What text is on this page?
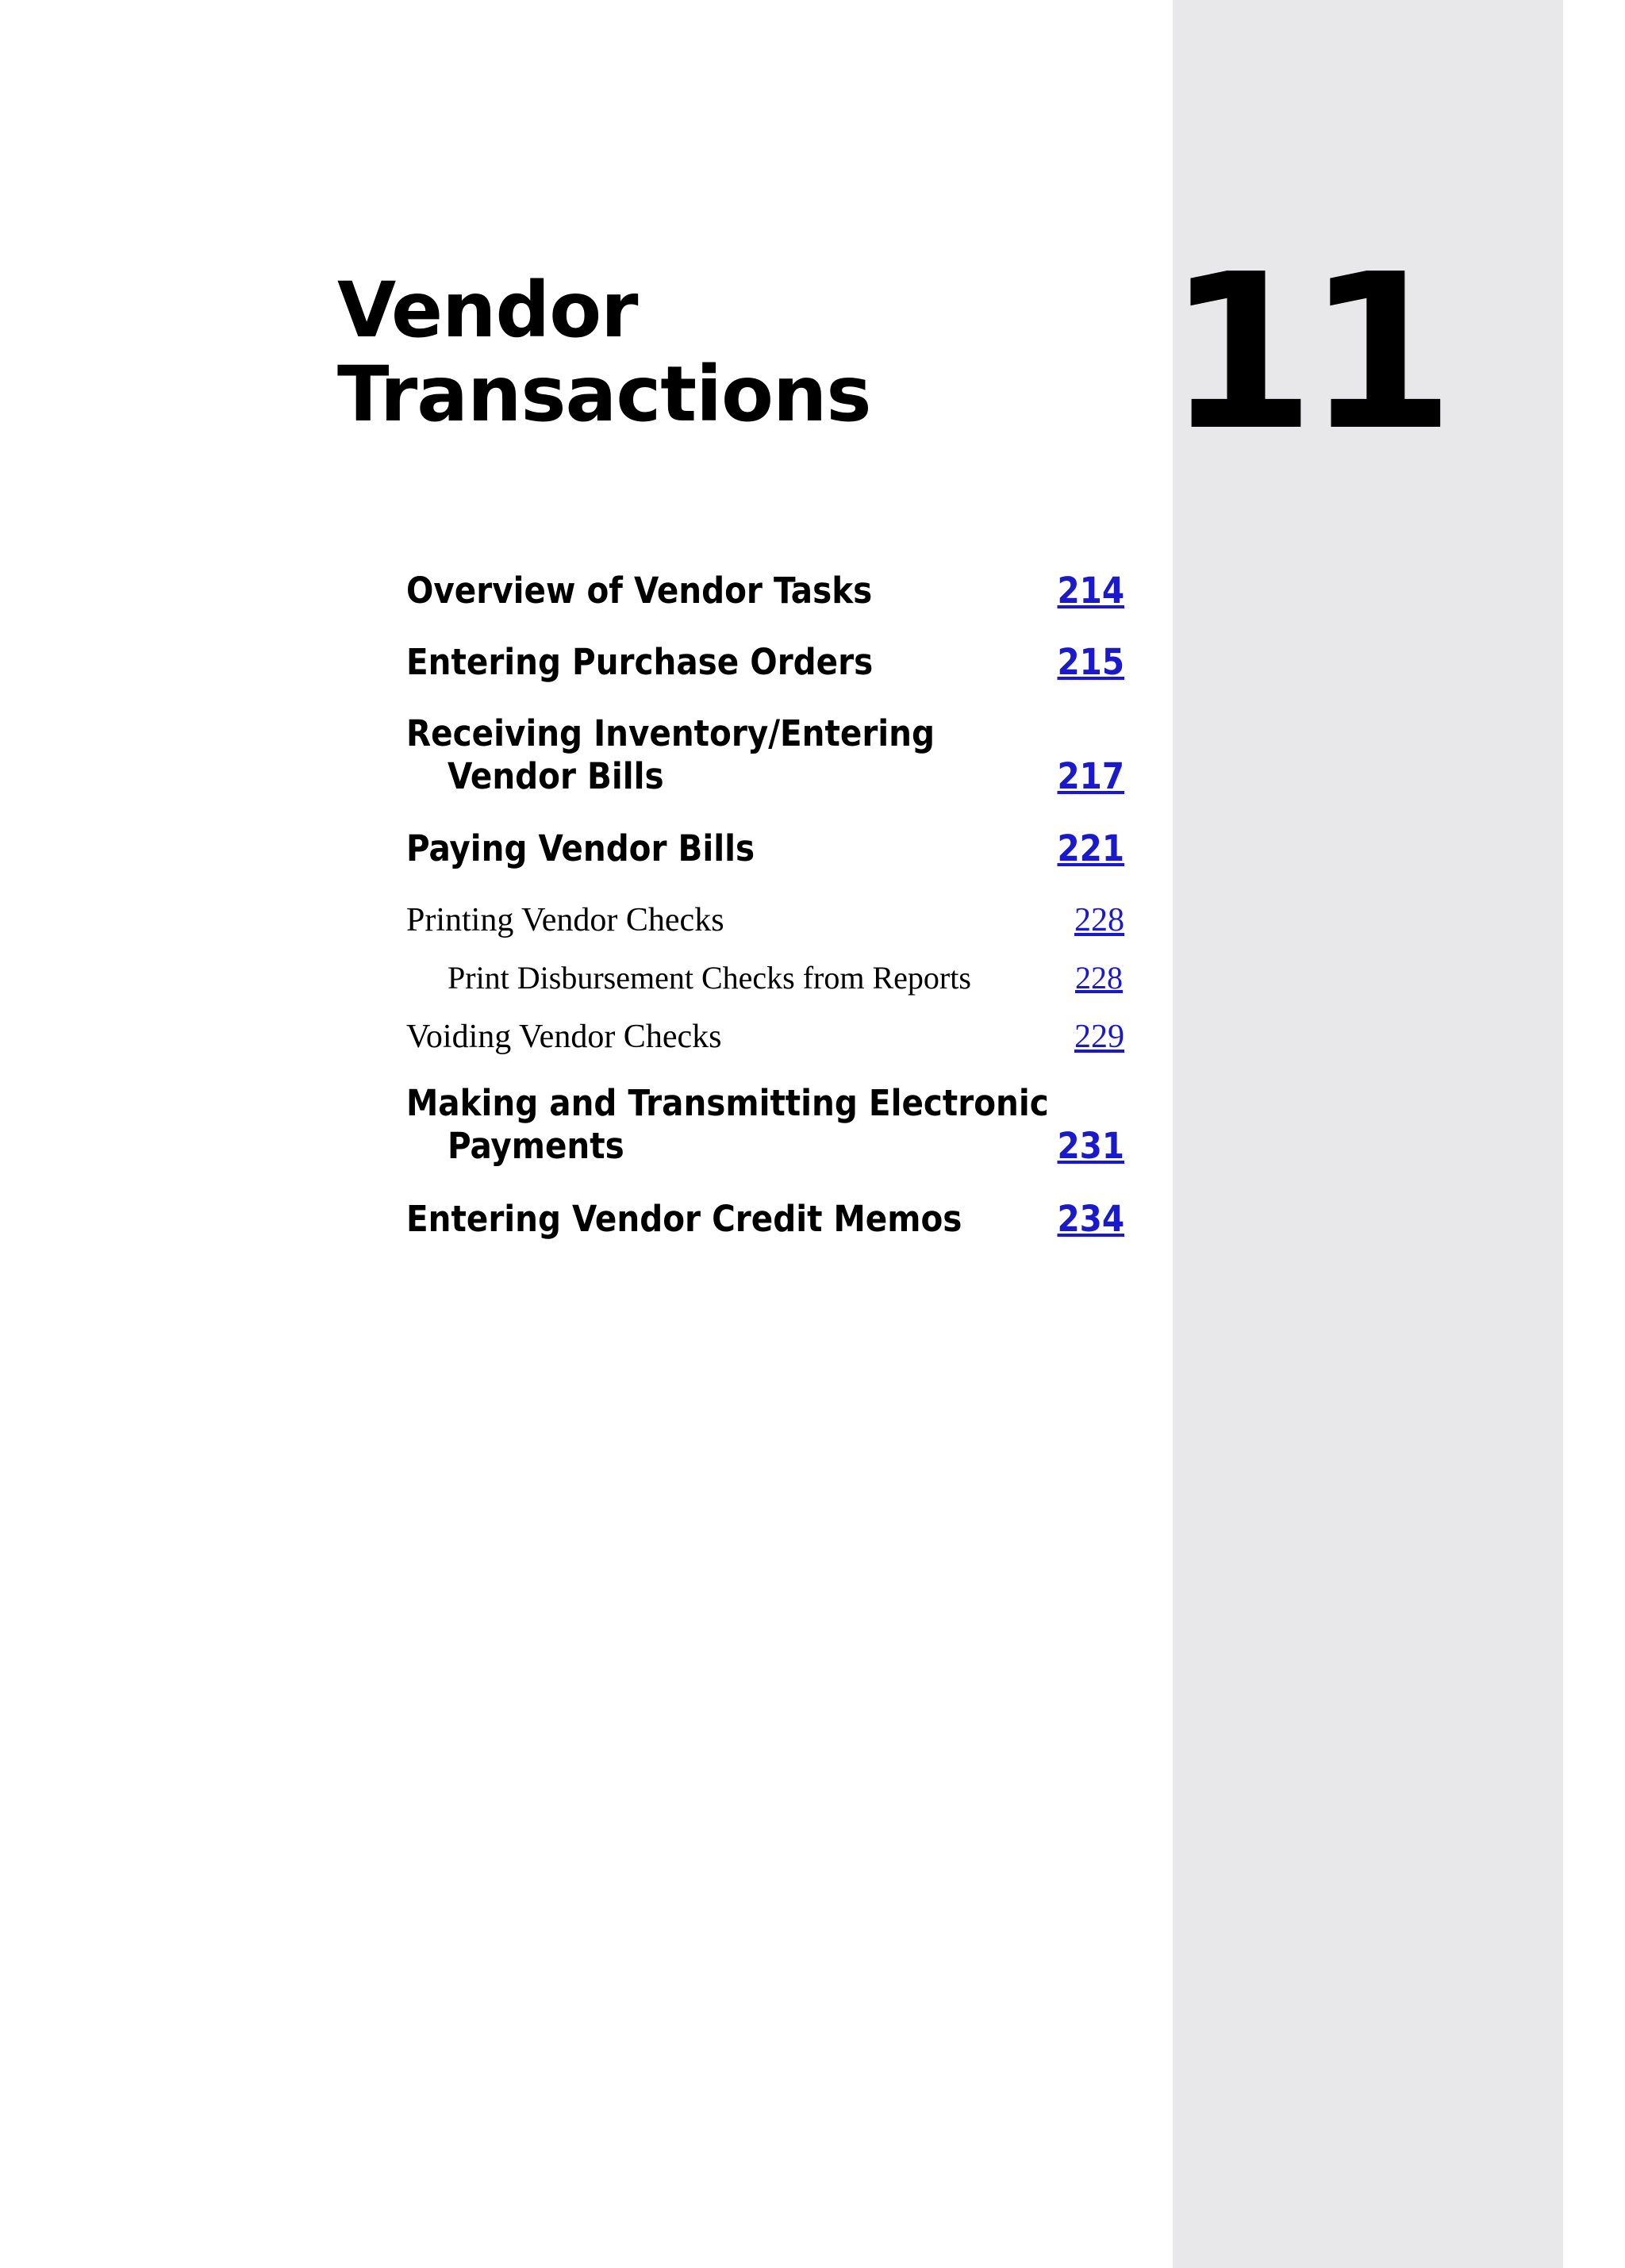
Vendor
Transactions 11
Overview of Vendor Tasks	214
Entering Purchase Orders	215
Receiving Inventory/Entering
Vendor Bills	217
Paying Vendor Bills	221
Printing Vendor Checks	228
Print Disbursement Checks from Reports	228
Voiding Vendor Checks	229
Making and Transmitting Electronic
Payments	231
Entering Vendor Credit Memos	234
